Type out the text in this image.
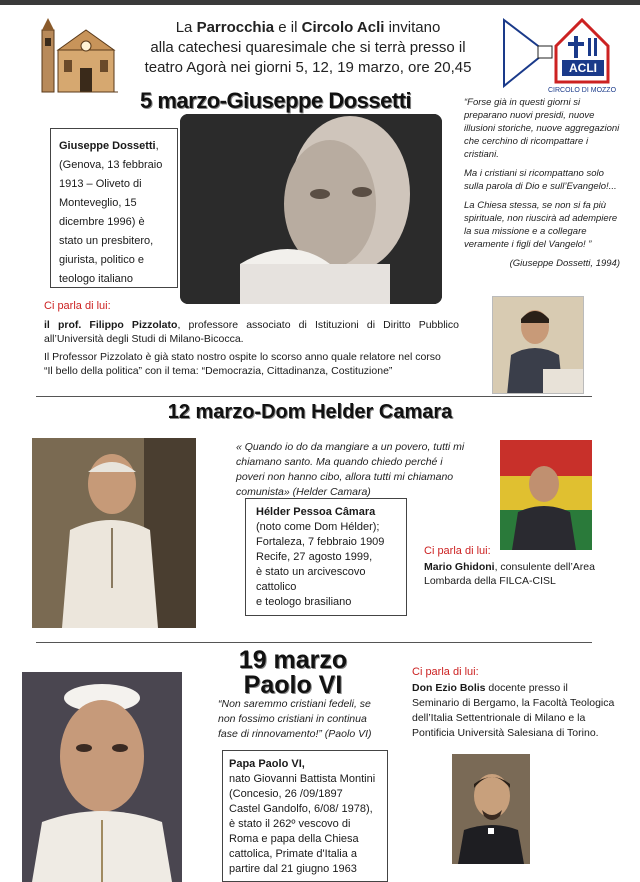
La Parrocchia e il Circolo Acli invitano
alla catechesi quaresimale che si terrà presso il
teatro Agorà nei giorni 5, 12, 19 marzo, ore 20,45	ACLI
CIRCOLO DI MOZZO
5 marzo-Giuseppe Dossetti
Giuseppe Dossetti, (Genova, 13 febbraio 1913 – Oliveto di Monteveglio, 15 dicembre 1996) è stato un presbitero, giurista, politico e teologo italiano

“Forse già in questi giorni si preparano nuovi presidi, nuove illusioni storiche, nuove aggregazioni che cerchino di ricompattare i cristiani.

Ma i cristiani si ricompattano solo sulla parola di Dio e sull’Evangelo!...

La Chiesa stessa, se non si fa più spirituale, non riuscirà ad adempiere la sua missione e a collegare veramente i figli del Vangelo! ”

(Giuseppe Dossetti, 1994)
Ci parla di lui:
il prof. Filippo Pizzolato, professore associato di Istituzioni di Diritto Pubblico all’Università degli Studi di Milano-Bicocca.
Il Professor Pizzolato è già stato nostro ospite lo scorso anno quale relatore nel corso
“Il bello della politica” con il tema: “Democrazia, Cittadinanza, Costituzione”
12 marzo-Dom Helder Camara
« Quando io do da mangiare a un povero, tutti mi chiamano santo. Ma quando chiedo perché i poveri non hanno cibo, allora tutti mi chiamano comunista» (Helder Camara)
Hélder Pessoa Câmara
(noto come Dom Hélder);
Fortaleza, 7 febbraio 1909
Recife, 27 agosto 1999,
è stato un arcivescovo
cattolico
e teologo brasiliano
Ci parla di lui:
Mario Ghidoni, consulente dell’Area Lombarda della FILCA-CISL
19 marzo
Paolo VI
“Non saremmo cristiani fedeli, se non fossimo cristiani in continua fase di rinnovamento!” (Paolo VI)
Papa Paolo VI,
nato Giovanni Battista Montini
(Concesio, 26 /09/1897
Castel Gandolfo, 6/08/ 1978),
è stato il 262º vescovo di Roma e papa della Chiesa cattolica, Primate d'Italia a partire dal 21 giugno 1963
Ci parla di lui:
Don Ezio Bolis docente presso il Seminario di Bergamo, la Facoltà Teologica dell’Italia Settentrionale di Milano e la Pontificia Università Salesiana di Torino.
